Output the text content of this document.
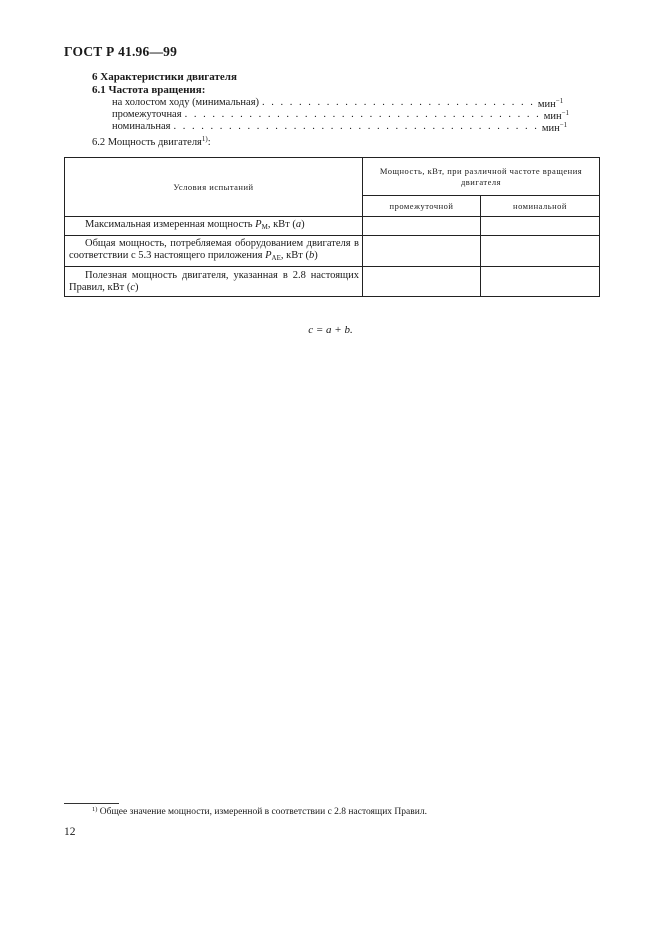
ГОСТ Р 41.96—99
6 Характеристики двигателя
6.1 Частота вращения:
на холостом ходу (минимальная) . . . . . . . . . . . . . . . . . . . . . . . . . . . . . . мин$^{-1}$
промежуточная . . . . . . . . . . . . . . . . . . . . . . . . . . . . . . . . . . . . . . . мин$^{-1}$
номинальная . . . . . . . . . . . . . . . . . . . . . . . . . . . . . . . . . . . . . . . . мин$^{-1}$
6.2 Мощность двигателя$^{1)}$:
Условия испытаний	Мощность, кВт, при различной частоте вращения двигателя	
	промежуточной	номинальной

Максимальная измеренная мощность $P_M$, кВт (a)		

Общая мощность, потребляемая оборудованием двигателя в соответствии с 5.3 настоящего приложения $P_{AE}$, кВт (b)		

Полезная мощность двигателя, указанная в 2.8 настоящих Правил, кВт (c)		

c = a + b.
$^{1)}$ Общее значение мощности, измеренной в соответствии с 2.8 настоящих Правил.
12
